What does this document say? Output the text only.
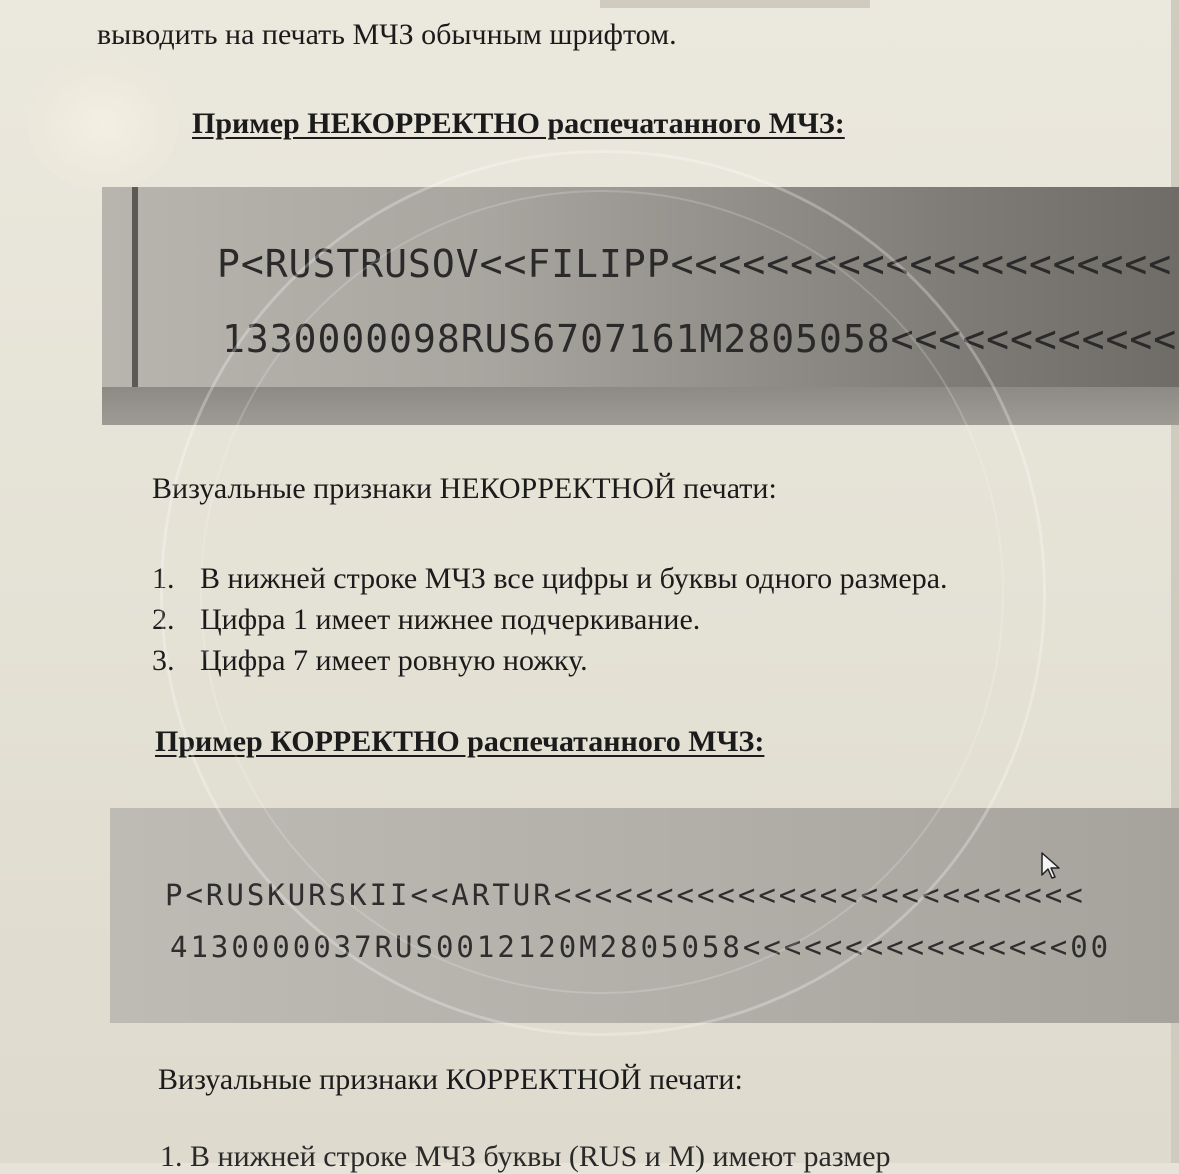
выводить на печать МЧЗ обычным шрифтом.
Пример НЕКОРРЕКТНО распечатанного МЧЗ:
P<RUSTRUSOV<<FILIPP<<<<<<<<<<<<<<<<<<<<<
1330000098RUS6707161M2805058<<<<<<<<<<<<
Визуальные признаки НЕКОРРЕКТНОЙ печати:
1. В нижней строке МЧЗ все цифры и буквы одного размера.
2. Цифра 1 имеет нижнее подчеркивание.
3. Цифра 7 имеет ровную ножку.
Пример КОРРЕКТНО распечатанного МЧЗ:
P<RUSKURSKII<<ARTUR<<<<<<<<<<<<<<<<<<<<<<<<<<
4130000037RUS0012120M2805058<<<<<<<<<<<<<<<<00
Визуальные признаки КОРРЕКТНОЙ печати:
1. В нижней строке МЧЗ буквы (RUS и M) имеют размер
